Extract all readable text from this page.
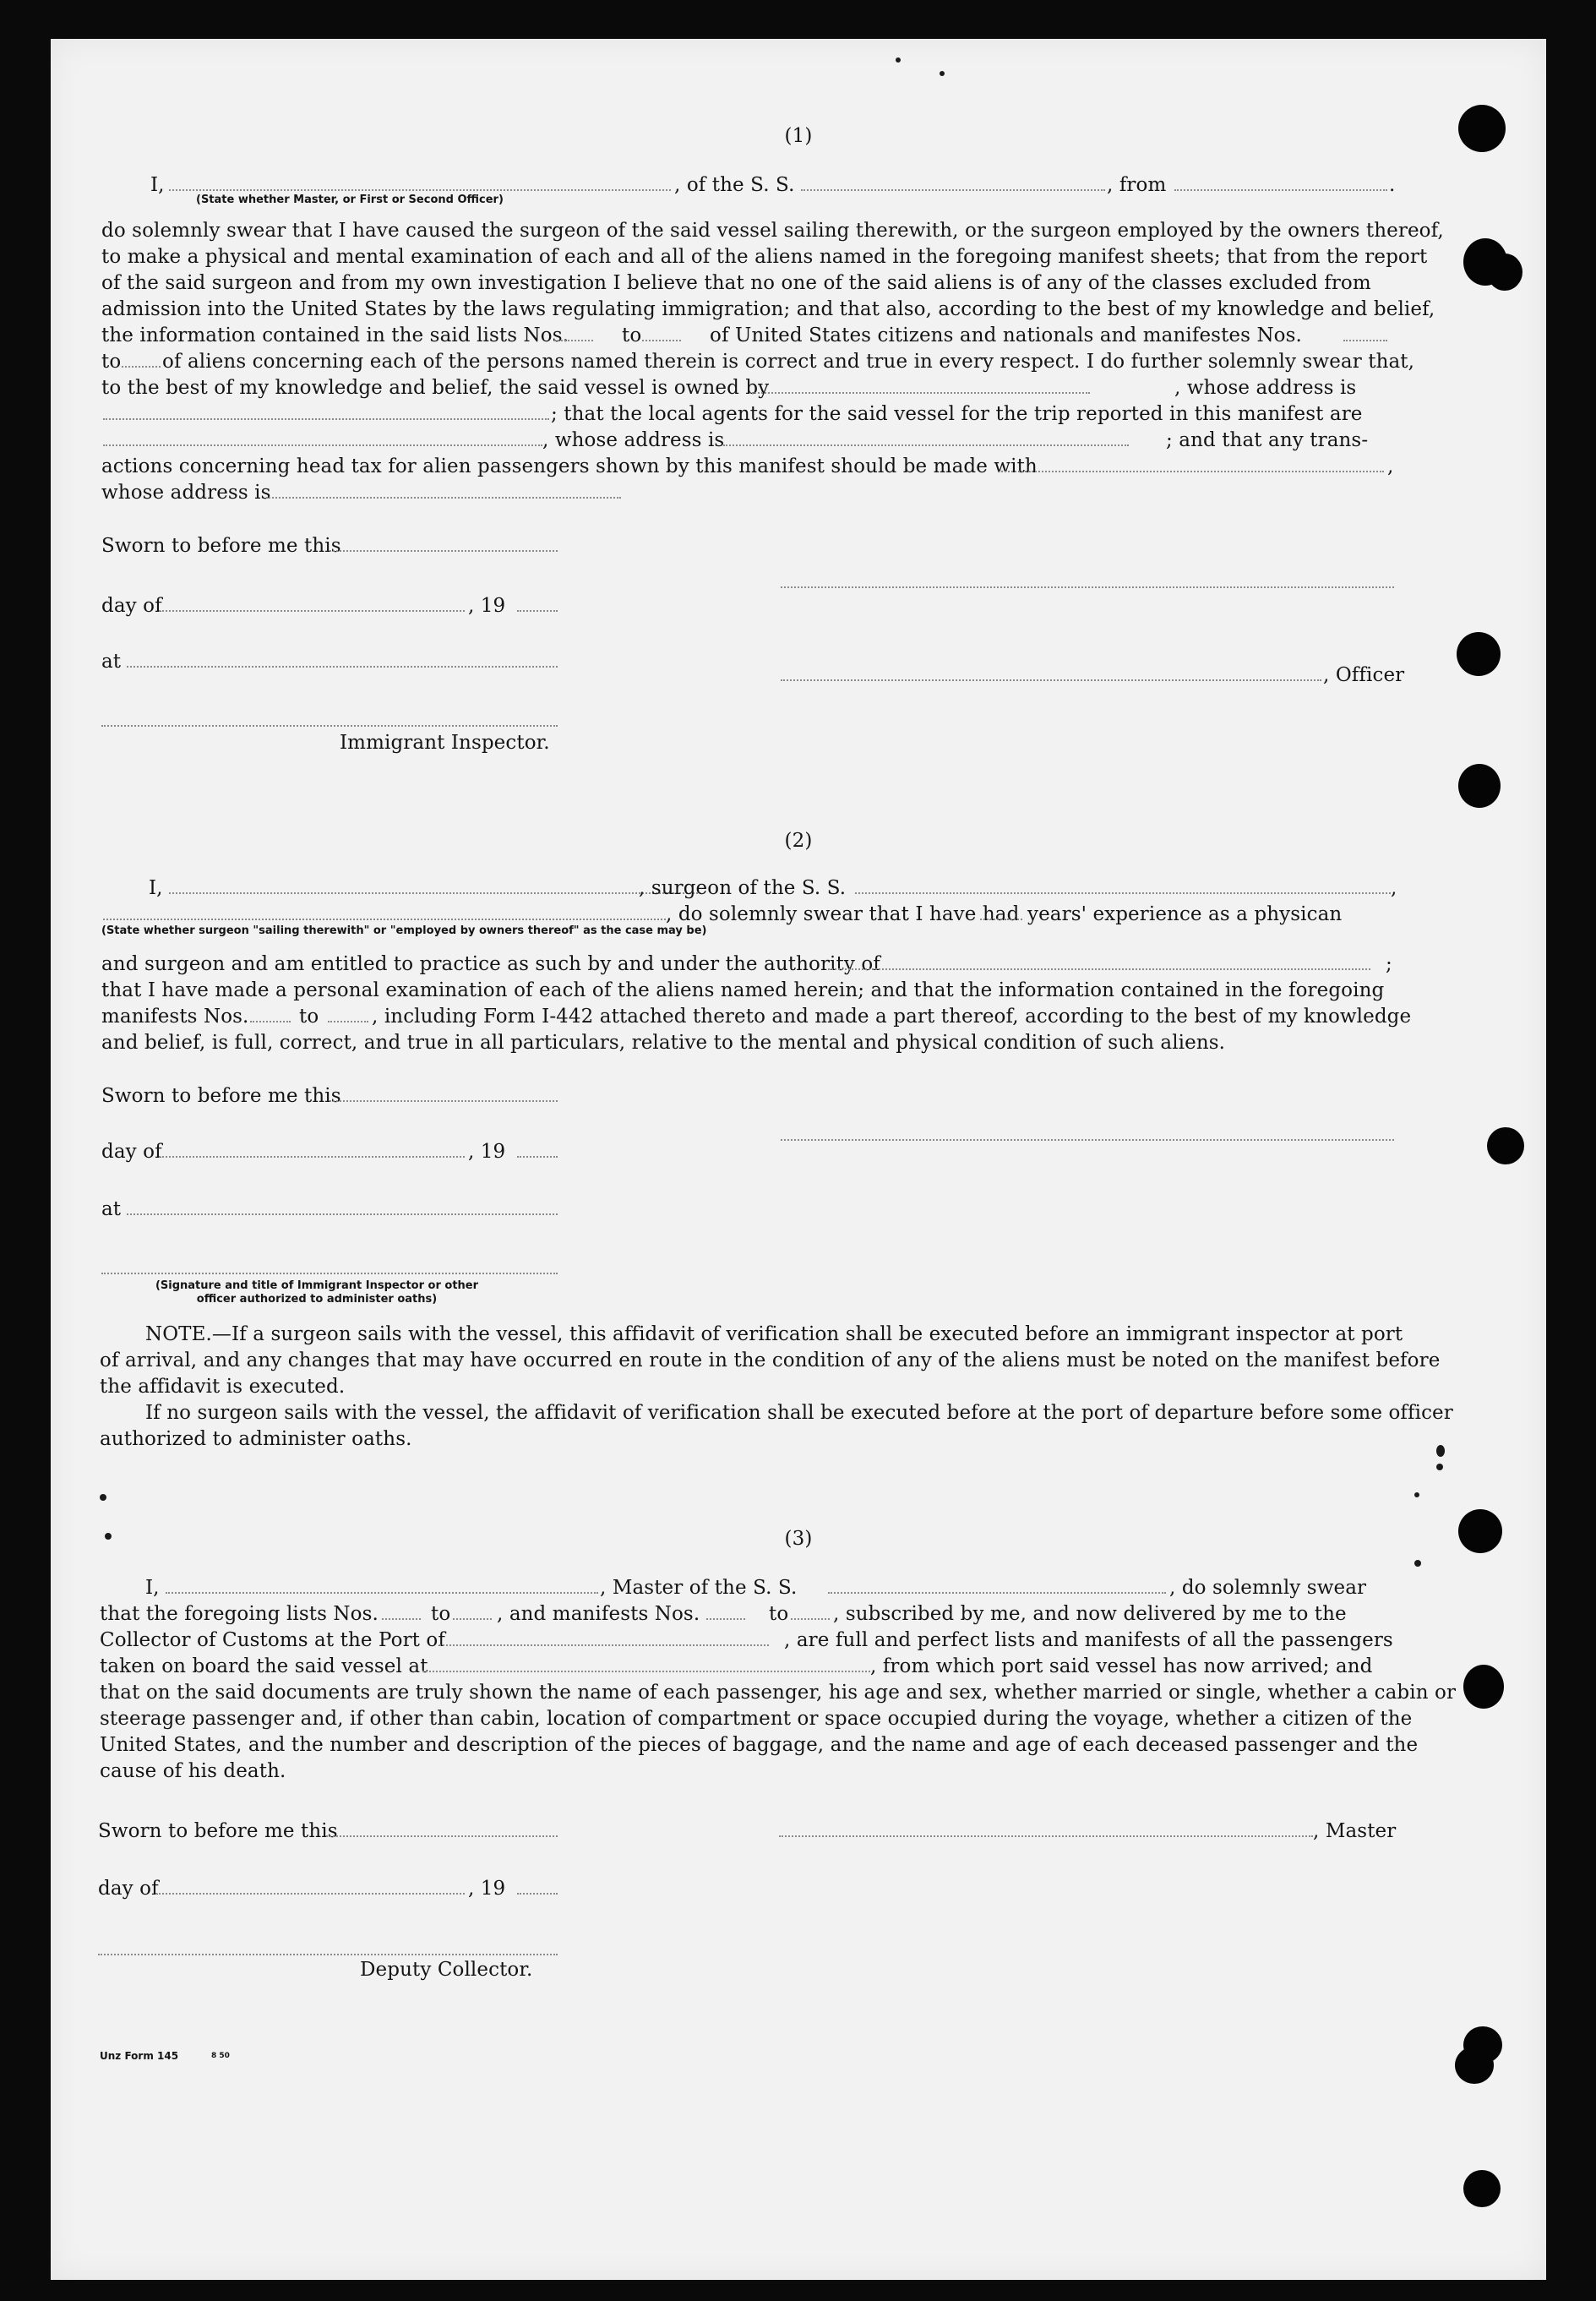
(1)
I,	, of the S. S.	, from	.
(State whether Master, or First or Second Officer)
do solemnly swear that I have caused the surgeon of the said vessel sailing therewith, or the surgeon employed by the owners thereof,
to make a physical and mental examination of each and all of the aliens named in the foregoing manifest sheets; that from the report
of the said surgeon and from my own investigation I believe that no one of the said aliens is of any of the classes excluded from
admission into the United States by the laws regulating immigration; and that also, according to the best of my knowledge and belief,
the information contained in the said lists Nos.	to	of United States citizens and nationals and manifestes Nos.
to of aliens concerning each of the persons named therein is correct and true in every respect. I do further solemnly swear that,
to the best of my knowledge and belief, the said vessel is owned by	, whose address is
; that the local agents for the said vessel for the trip reported in this manifest are
, whose address is	; and that any trans-
actions concerning head tax for alien passengers shown by this manifest should be made with	,
whose address is
Sworn to before me this
day of	, 19
at
, Officer
Immigrant Inspector.
(2)
I,	, surgeon of the S. S.	,
, do solemnly swear that I have had years' experience as a physican
(State whether surgeon "sailing therewith" or "employed by owners thereof" as the case may be)
and surgeon and am entitled to practice as such by and under the authority of	;
that I have made a personal examination of each of the aliens named herein; and that the information contained in the foregoing
manifests Nos.	to	, including Form I-442 attached thereto and made a part thereof, according to the best of my knowledge
and belief, is full, correct, and true in all particulars, relative to the mental and physical condition of such aliens.
Sworn to before me this
day of	, 19
at
(Signature and title of Immigrant Inspector or other
officer authorized to administer oaths)
NOTE.—If a surgeon sails with the vessel, this affidavit of verification shall be executed before an immigrant inspector at port
of arrival, and any changes that may have occurred en route in the condition of any of the aliens must be noted on the manifest before
the affidavit is executed.
If no surgeon sails with the vessel, the affidavit of verification shall be executed before at the port of departure before some officer
authorized to administer oaths.
(3)
I,	, Master of the S. S.	, do solemnly swear
that the foregoing lists Nos.	to , and manifests Nos.	to , subscribed by me, and now delivered by me to the
Collector of Customs at the Port of	, are full and perfect lists and manifests of all the passengers
taken on board the said vessel at	, from which port said vessel has now arrived; and
that on the said documents are truly shown the name of each passenger, his age and sex, whether married or single, whether a cabin or
steerage passenger and, if other than cabin, location of compartment or space occupied during the voyage, whether a citizen of the
United States, and the number and description of the pieces of baggage, and the name and age of each deceased passenger and the
cause of his death.
Sworn to before me this	, Master
day of	, 19
Deputy Collector.
Unz Form 145	8 50
